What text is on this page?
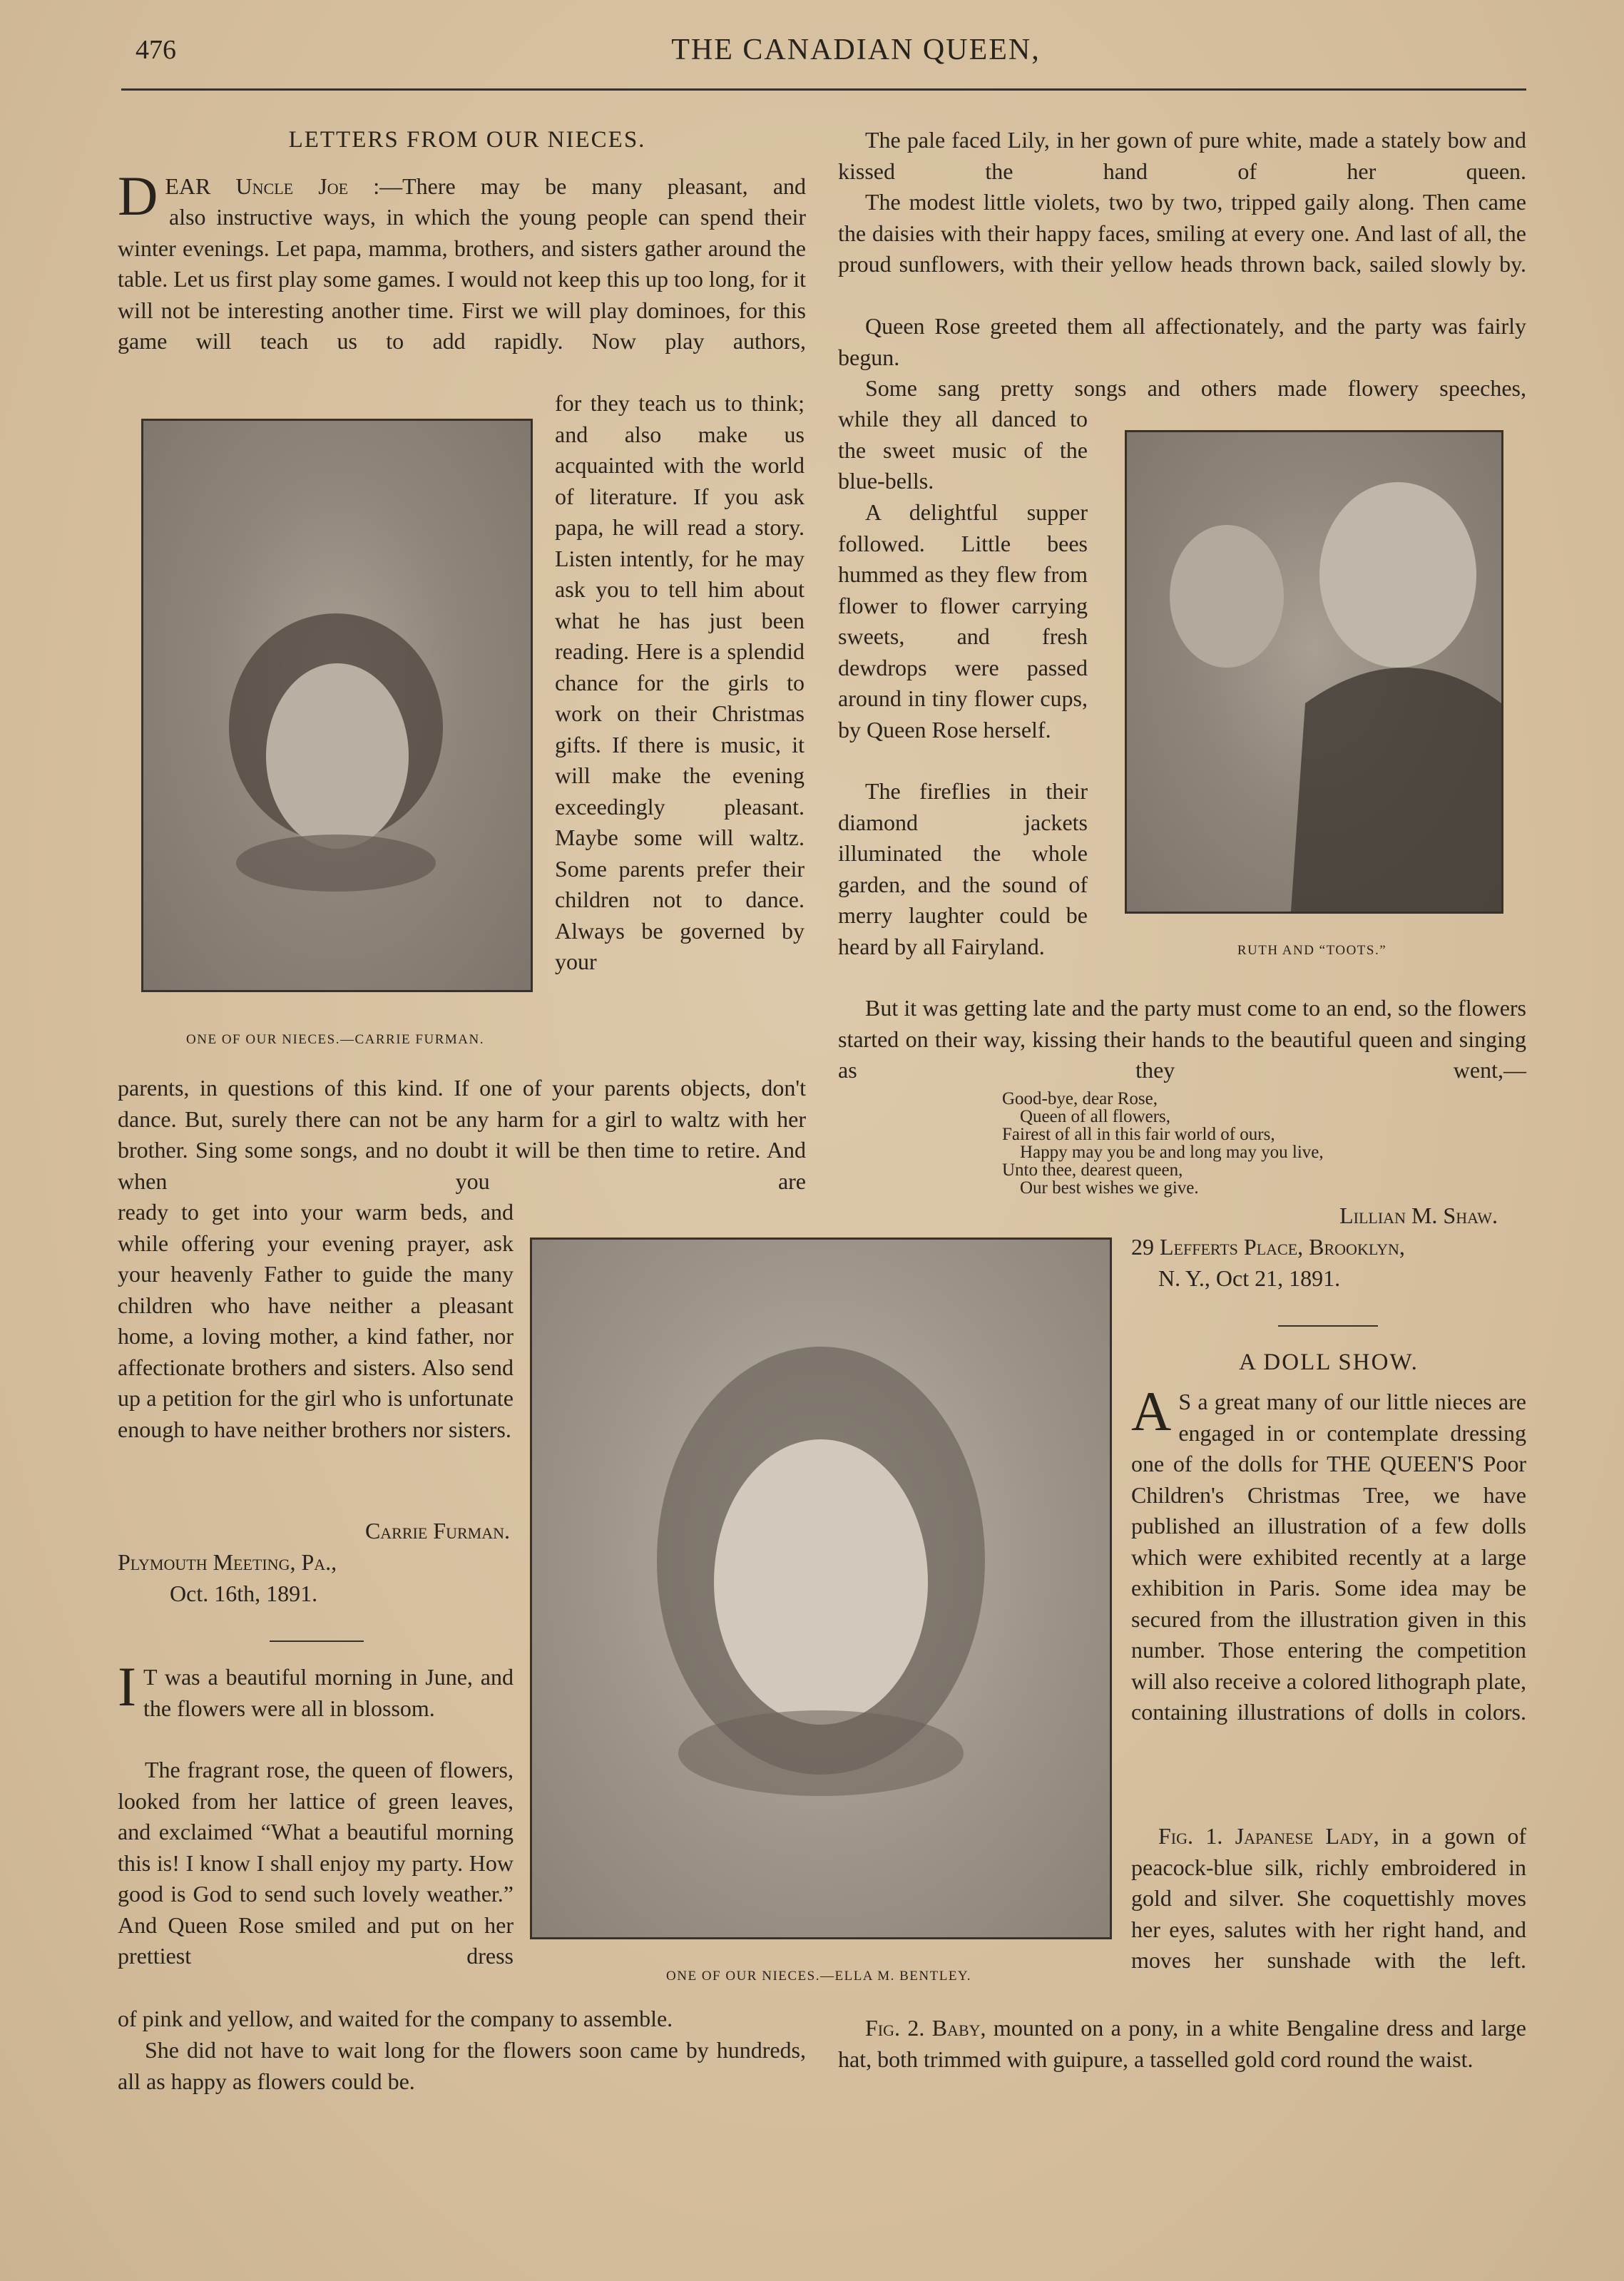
476	THE CANADIAN QUEEN,
LETTERS FROM OUR NIECES.
DEAR Uncle Joe :—There may be many pleasant, and
also instructive ways, in which the young people can spend their winter evenings. Let papa, mamma, brothers, and sisters gather around the table. Let us first play some games. I would not keep this up too long, for it will not be interesting another time. First we will play dominoes, for this game will teach us to add rapidly. Now play authors,
ONE OF OUR NIECES.—CARRIE FURMAN.
for they teach us to think; and also make us acquainted with the world of literature. If you ask papa, he will read a story. Listen intently, for he may ask you to tell him about what he has just been reading. Here is a splendid chance for the girls to work on their Christmas gifts. If there is music, it will make the evening exceedingly pleasant. Maybe some will waltz. Some parents prefer their children not to dance. Always be governed by your
parents, in questions of this kind. If one of your parents objects, don't dance. But, surely there can not be any harm for a girl to waltz with her brother. Sing some songs, and no doubt it will be then time to retire. And when you are
ready to get into your warm beds, and while offering your evening prayer, ask your heavenly Father to guide the many children who have neither a pleasant home, a loving mother, a kind father, nor affectionate brothers and sisters. Also send up a petition for the girl who is unfortunate enough to have neither brothers nor sisters.
Carrie Furman.
Plymouth Meeting, Pa.,
Oct. 16th, 1891.
I T was a beautiful morning in June, and the flowers were all in blossom.
The fragrant rose, the queen of flowers, looked from her lattice of green leaves, and exclaimed “What a beautiful morning this is! I know I shall enjoy my party. How good is God to send such lovely weather.” And Queen Rose smiled and put on her prettiest dress
of pink and yellow, and waited for the company to assemble.
She did not have to wait long for the flowers soon came by hundreds, all as happy as flowers could be.
ONE OF OUR NIECES.—ELLA M. BENTLEY.
The pale faced Lily, in her gown of pure white, made a stately bow and kissed the hand of her queen.
The modest little violets, two by two, tripped gaily along. Then came the daisies with their happy faces, smiling at every one. And last of all, the proud sunflowers, with their yellow heads thrown back, sailed slowly by.
Queen Rose greeted them all affectionately, and the party was fairly begun.
Some sang pretty songs and others made flowery speeches,
while they all danced to the sweet music of the blue-bells.
A delightful supper followed. Little bees hummed as they flew from flower to flower carrying sweets, and fresh dewdrops were passed around in tiny flower cups, by Queen Rose herself.
The fireflies in their diamond jackets illuminated the whole garden, and the sound of merry laughter could be heard by all Fairyland.	RUTH AND “TOOTS.”
But it was getting late and the party must come to an end, so the flowers started on their way, kissing their hands to the beautiful queen and singing as they went,—
Good-bye, dear Rose,
Queen of all flowers,
Fairest of all in this fair world of ours,
Happy may you be and long may you live,
Unto thee, dearest queen,
Our best wishes we give.
Lillian M. Shaw.
29 Lefferts Place, Brooklyn,
N. Y., Oct 21, 1891.
A DOLL SHOW.
A S a great many of our little nieces are engaged in or contemplate dressing one of the dolls for THE QUEEN'S Poor Children's Christmas Tree, we have published an illustration of a few dolls which were exhibited recently at a large exhibition in Paris. Some idea may be secured from the illustration given in this number. Those entering the competition will also receive a colored lithograph plate, containing illustrations of dolls in colors.
Fig. 1. Japanese Lady, in a gown of peacock-blue silk, richly embroidered in gold and silver. She coquettishly moves her eyes, salutes with her right hand, and moves her sunshade with the left.
Fig. 2. Baby, mounted on a pony, in a white Bengaline dress and large hat, both trimmed with guipure, a tasselled gold cord round the waist.
